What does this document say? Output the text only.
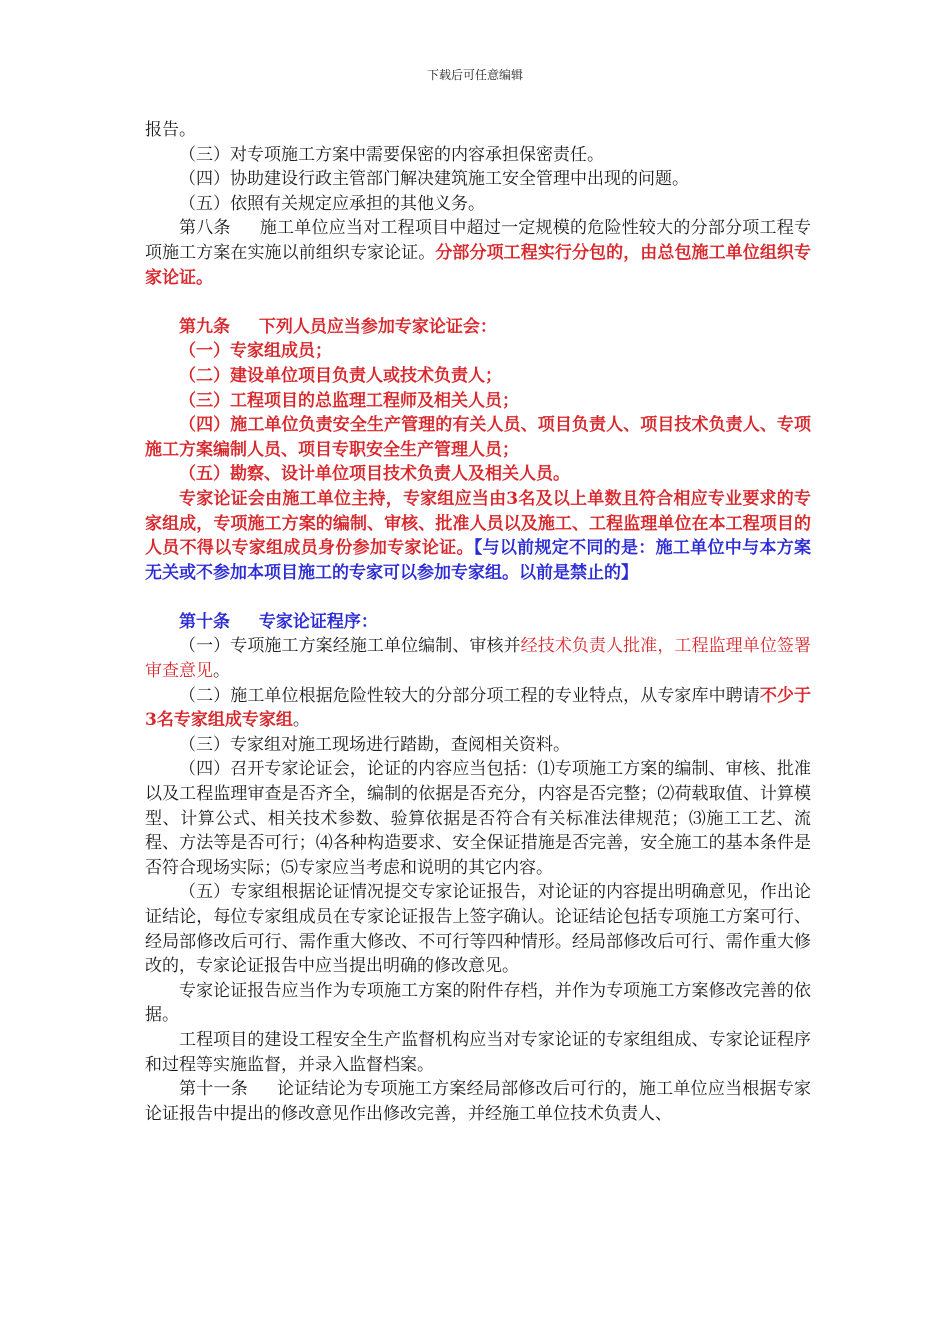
下载后可任意编辑

报告。

（三）对专项施工方案中需要保密的内容承担保密责任。

（四）协助建设行政主管部门解决建筑施工安全管理中出现的问题。

（五）依照有关规定应承担的其他义务。

第八条 施工单位应当对工程项目中超过一定规模的危险性较大的分部分项工程专项施工方案在实施以前组织专家论证。分部分项工程实行分包的，由总包施工单位组织专家论证。

第九条 下列人员应当参加专家论证会：

（一）专家组成员；

（二）建设单位项目负责人或技术负责人；

（三）工程项目的总监理工程师及相关人员；

（四）施工单位负责安全生产管理的有关人员、项目负责人、项目技术负责人、专项施工方案编制人员、项目专职安全生产管理人员；

（五）勘察、设计单位项目技术负责人及相关人员。

专家论证会由施工单位主持，专家组应当由3名及以上单数且符合相应专业要求的专家组成，专项施工方案的编制、审核、批准人员以及施工、工程监理单位在本工程项目的人员不得以专家组成员身份参加专家论证。【与以前规定不同的是：施工单位中与本方案无关或不参加本项目施工的专家可以参加专家组。以前是禁止的】

第十条 专家论证程序：

（一）专项施工方案经施工单位编制、审核并经技术负责人批准，工程监理单位签署审查意见。

（二）施工单位根据危险性较大的分部分项工程的专业特点，从专家库中聘请不少于3名专家组成专家组。

（三）专家组对施工现场进行踏勘，查阅相关资料。

（四）召开专家论证会，论证的内容应当包括：⑴专项施工方案的编制、审核、批准以及工程监理审查是否齐全，编制的依据是否充分，内容是否完整；⑵荷载取值、计算模型、计算公式、相关技术参数、验算依据是否符合有关标准法律规范；⑶施工工艺、流程、方法等是否可行；⑷各种构造要求、安全保证措施是否完善，安全施工的基本条件是否符合现场实际；⑸专家应当考虑和说明的其它内容。

（五）专家组根据论证情况提交专家论证报告，对论证的内容提出明确意见，作出论证结论，每位专家组成员在专家论证报告上签字确认。论证结论包括专项施工方案可行、经局部修改后可行、需作重大修改、不可行等四种情形。经局部修改后可行、需作重大修改的，专家论证报告中应当提出明确的修改意见。

专家论证报告应当作为专项施工方案的附件存档，并作为专项施工方案修改完善的依据。

工程项目的建设工程安全生产监督机构应当对专家论证的专家组组成、专家论证程序和过程等实施监督，并录入监督档案。

第十一条 论证结论为专项施工方案经局部修改后可行的，施工单位应当根据专家论证报告中提出的修改意见作出修改完善，并经施工单位技术负责人、
